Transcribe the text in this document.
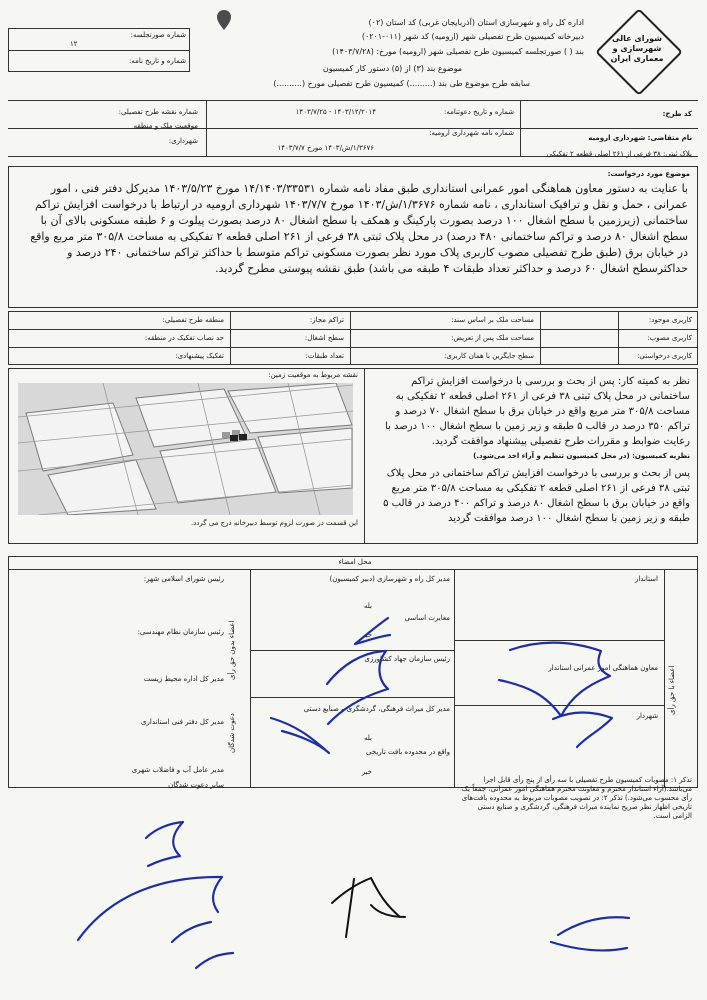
شورای عالی شهرسازی و معماری ایران
اداره کل راه و شهرسازی استان (آذربایجان غربی) کد استان (۰۲)
دبیرخانه کمیسیون طرح تفصیلی شهر (ارومیه) کد شهر (۰۱۱-۰۲۰۱)
بند ( ) صورتجلسه کمیسیون طرح تفصیلی شهر (ارومیه) مورخ: (۱۴۰۳/۷/۲۸)
موضوع بند (۳) از (۵) دستور کار کمیسیون
سابقه طرح موضوع طی بند (.........) کمیسیون طرح تفصیلی مورخ (..........)
شماره صورتجلسه:
۱۲
شماره و تاریخ نامه:
شماره نقشه طرح تفصیلی:
موقعیت ملک و منطقه
شهرداری:
شماره و تاریخ دعوتنامه:
۱۴۰۳/۷/۲۵ - ۱۴۰۳/۱۲/۲۰۱۴
شماره نامه شهرداری ارومیه:
۱/۳۶۷۶/ش/۱۴۰۳ مورخ ۱۴۰۳/۷/۷
کد طرح:
نام متقاضی: شهرداری ارومیه
پلاک ثبتی: ۳۸ فرعی از ۲۶۱ اصلی قطعه ۲ تفکیکی
موضوع مورد درخواست:
با عنایت به دستور معاون هماهنگی امور عمرانی استانداری طبق مفاد نامه شماره ۱۴/۱۴۰۳/۳۳۵۳۱ مورخ ۱۴۰۳/۵/۲۳ مدیرکل دفتر فنی ، امور عمرانی ، حمل و نقل و ترافیک استانداری ، نامه شماره ۱/۳۶۷۶/ش/۱۴۰۳ مورخ ۱۴۰۳/۷/۷ شهرداری ارومیه در ارتباط با درخواست افزایش تراکم ساختمانی (زیرزمین با سطح اشغال ۱۰۰ درصد بصورت پارکینگ و همکف با سطح اشغال ۸۰ درصد بصورت پیلوت و ۶ طبقه مسکونی بالای آن با سطح اشغال ۸۰ درصد و تراکم ساختمانی ۴۸۰ درصد) در محل پلاک ثبتی ۳۸ فرعی از ۲۶۱ اصلی قطعه ۲ تفکیکی به مساحت ۳۰۵/۸ متر مربع واقع در خیابان برق (طبق طرح تفصیلی مصوب کاربری پلاک مورد نظر بصورت مسکونی تراکم متوسط با حداکثر تراکم ساختمانی ۲۴۰ درصد و حداکثرسطح اشغال ۶۰ درصد و حداکثر تعداد طبقات ۴ طبقه می باشد) طبق نقشه پیوستی مطرح گردید.
کاربری موجود:
کاربری مصوب:
کاربری درخواستی:
مساحت ملک بر اساس سند:
مساحت ملک پس از تعریض:
سطح جایگزین با همان کاربری:
تراکم مجاز:
سطح اشغال:
تعداد طبقات:
منطقه طرح تفصیلی:
حد نصاب تفکیک در منطقه:
تفکیک پیشنهادی:
نقشه مربوط به موقعیت زمین:
این قسمت در صورت لزوم توسط دبیرخانه درج می گردد.
نظر به کمیته کار: پس از بحث و بررسی با درخواست افزایش تراکم ساختمانی در محل پلاک ثبتی ۳۸ فرعی از ۲۶۱ اصلی قطعه ۲ تفکیکی به مساحت ۳۰۵/۸ متر مربع واقع در خیابان برق با سطح اشغال ۷۰ درصد و تراکم ۳۵۰ درصد در قالب ۵ طبقه و زیر زمین با سطح اشغال ۱۰۰ درصد با رعایت ضوابط و مقررات طرح تفصیلی پیشنهاد موافقت گردید.
نظریه کمیسیون: (در محل کمیسیون تنظیم و آراء اخذ می‌شود.)
پس از بحث و بررسی با درخواست افزایش تراکم ساختمانی در محل پلاک ثبتی ۳۸ فرعی از ۲۶۱ اصلی قطعه ۲ تفکیکی به مساحت ۳۰۵/۸ متر مربع واقع در خیابان برق با سطح اشغال ۸۰ درصد و تراکم ۴۰۰ درصد در قالب ۵ طبقه و زیر زمین با سطح اشغال ۱۰۰ درصد موافقت گردید
محل امضاء
اعضاء با حق رأی
اعضاء بدون حق رأی
دعوت شدگان
استاندار
معاون هماهنگی امور عمرانی استاندار
شهردار
مدیر کل راه و شهرسازی (دبیر کمیسیون)
مغایرت اساسی
بله
خیر
رئیس سازمان جهاد کشاورزی
مدیر کل میراث فرهنگی، گردشگری و صنایع دستی
واقع در محدوده بافت تاریخی
بله
خیر
رئیس شورای اسلامی شهر:
رئیس سازمان نظام مهندسی:
مدیر کل اداره محیط زیست
مدیر کل دفتر فنی استانداری
مدیر عامل آب و فاضلاب شهری
سایر دعوت شدگان
تذکر ۱: مصوبات کمیسیون طرح تفصیلی با سه رأی از پنج رأی قابل اجرا می‌باشد.(آراء استاندار محترم و معاونت محترم هماهنگی امور عمرانی، جمعاً یک رأی محسوب می‌شود.) تذکر ۲: در تصویب مصوبات مربوط به محدوده بافت‌های تاریخی اظهار نظر صریح نماینده میراث فرهنگی، گردشگری و صنایع دستی الزامی است.
